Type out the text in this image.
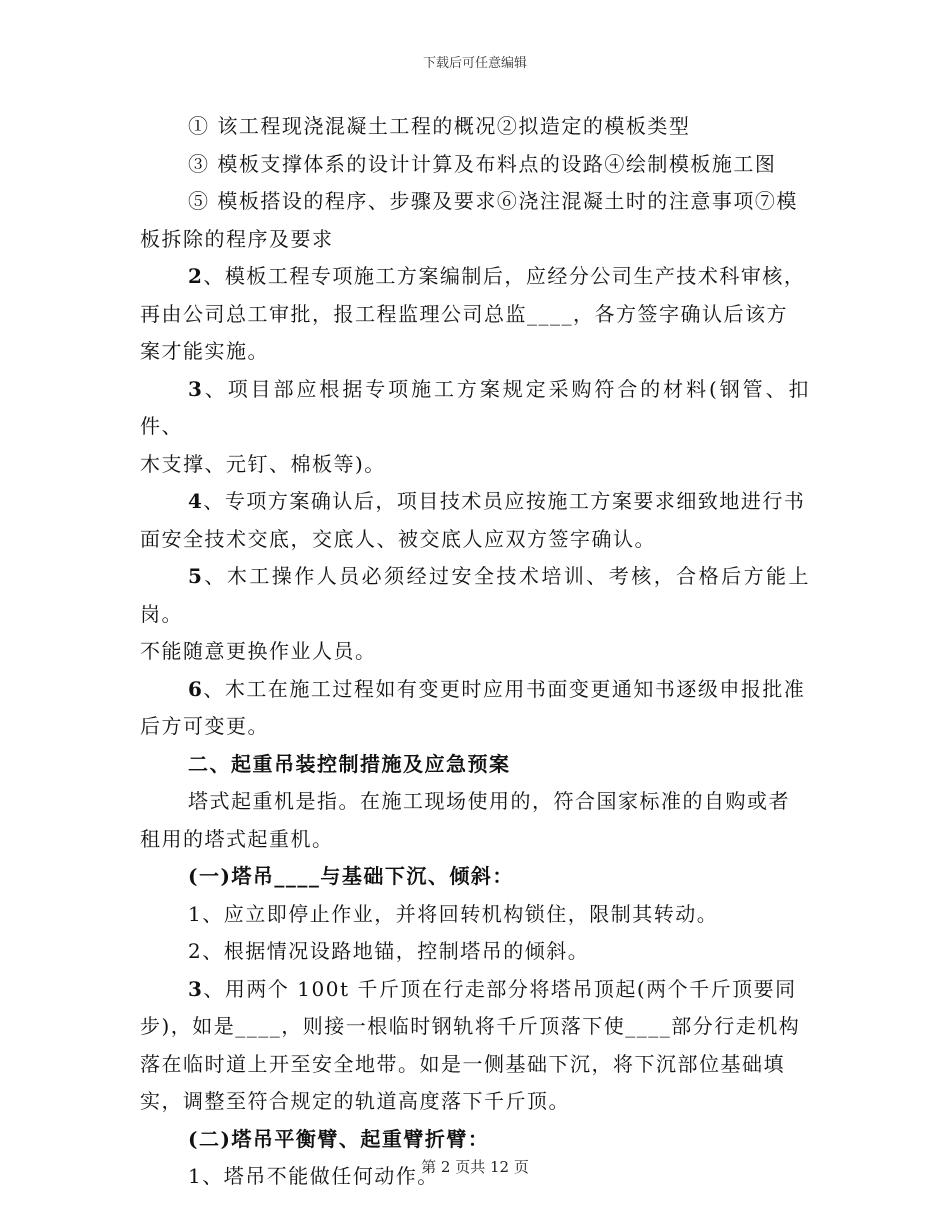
下载后可任意编辑
① 该工程现浇混凝土工程的概况②拟造定的模板类型
③ 模板支撑体系的设计计算及布料点的设路④绘制模板施工图
⑤ 模板搭设的程序、步骤及要求⑥浇注混凝土时的注意事项⑦模
板拆除的程序及要求
2、模板工程专项施工方案编制后，应经分公司生产技术科审核，
再由公司总工审批，报工程监理公司总监____，各方签字确认后该方
案才能实施。
3、项目部应根据专项施工方案规定采购符合的材料(钢管、扣件、
木支撑、元钉、棉板等)。
4、专项方案确认后，项目技术员应按施工方案要求细致地进行书
面安全技术交底，交底人、被交底人应双方签字确认。
5、木工操作人员必须经过安全技术培训、考核，合格后方能上岗。
不能随意更换作业人员。
6、木工在施工过程如有变更时应用书面变更通知书逐级申报批准
后方可变更。
二、起重吊装控制措施及应急预案
塔式起重机是指。在施工现场使用的，符合国家标准的自购或者
租用的塔式起重机。
(一)塔吊____与基础下沉、倾斜：
1、应立即停止作业，并将回转机构锁住，限制其转动。
2、根据情况设路地锚，控制塔吊的倾斜。
3、用两个 100t 千斤顶在行走部分将塔吊顶起(两个千斤顶要同
步)，如是____，则接一根临时钢轨将千斤顶落下使____部分行走机构
落在临时道上开至安全地带。如是一侧基础下沉，将下沉部位基础填
实，调整至符合规定的轨道高度落下千斤顶。
(二)塔吊平衡臂、起重臂折臂：
1、塔吊不能做任何动作。
第 2 页共 12 页
